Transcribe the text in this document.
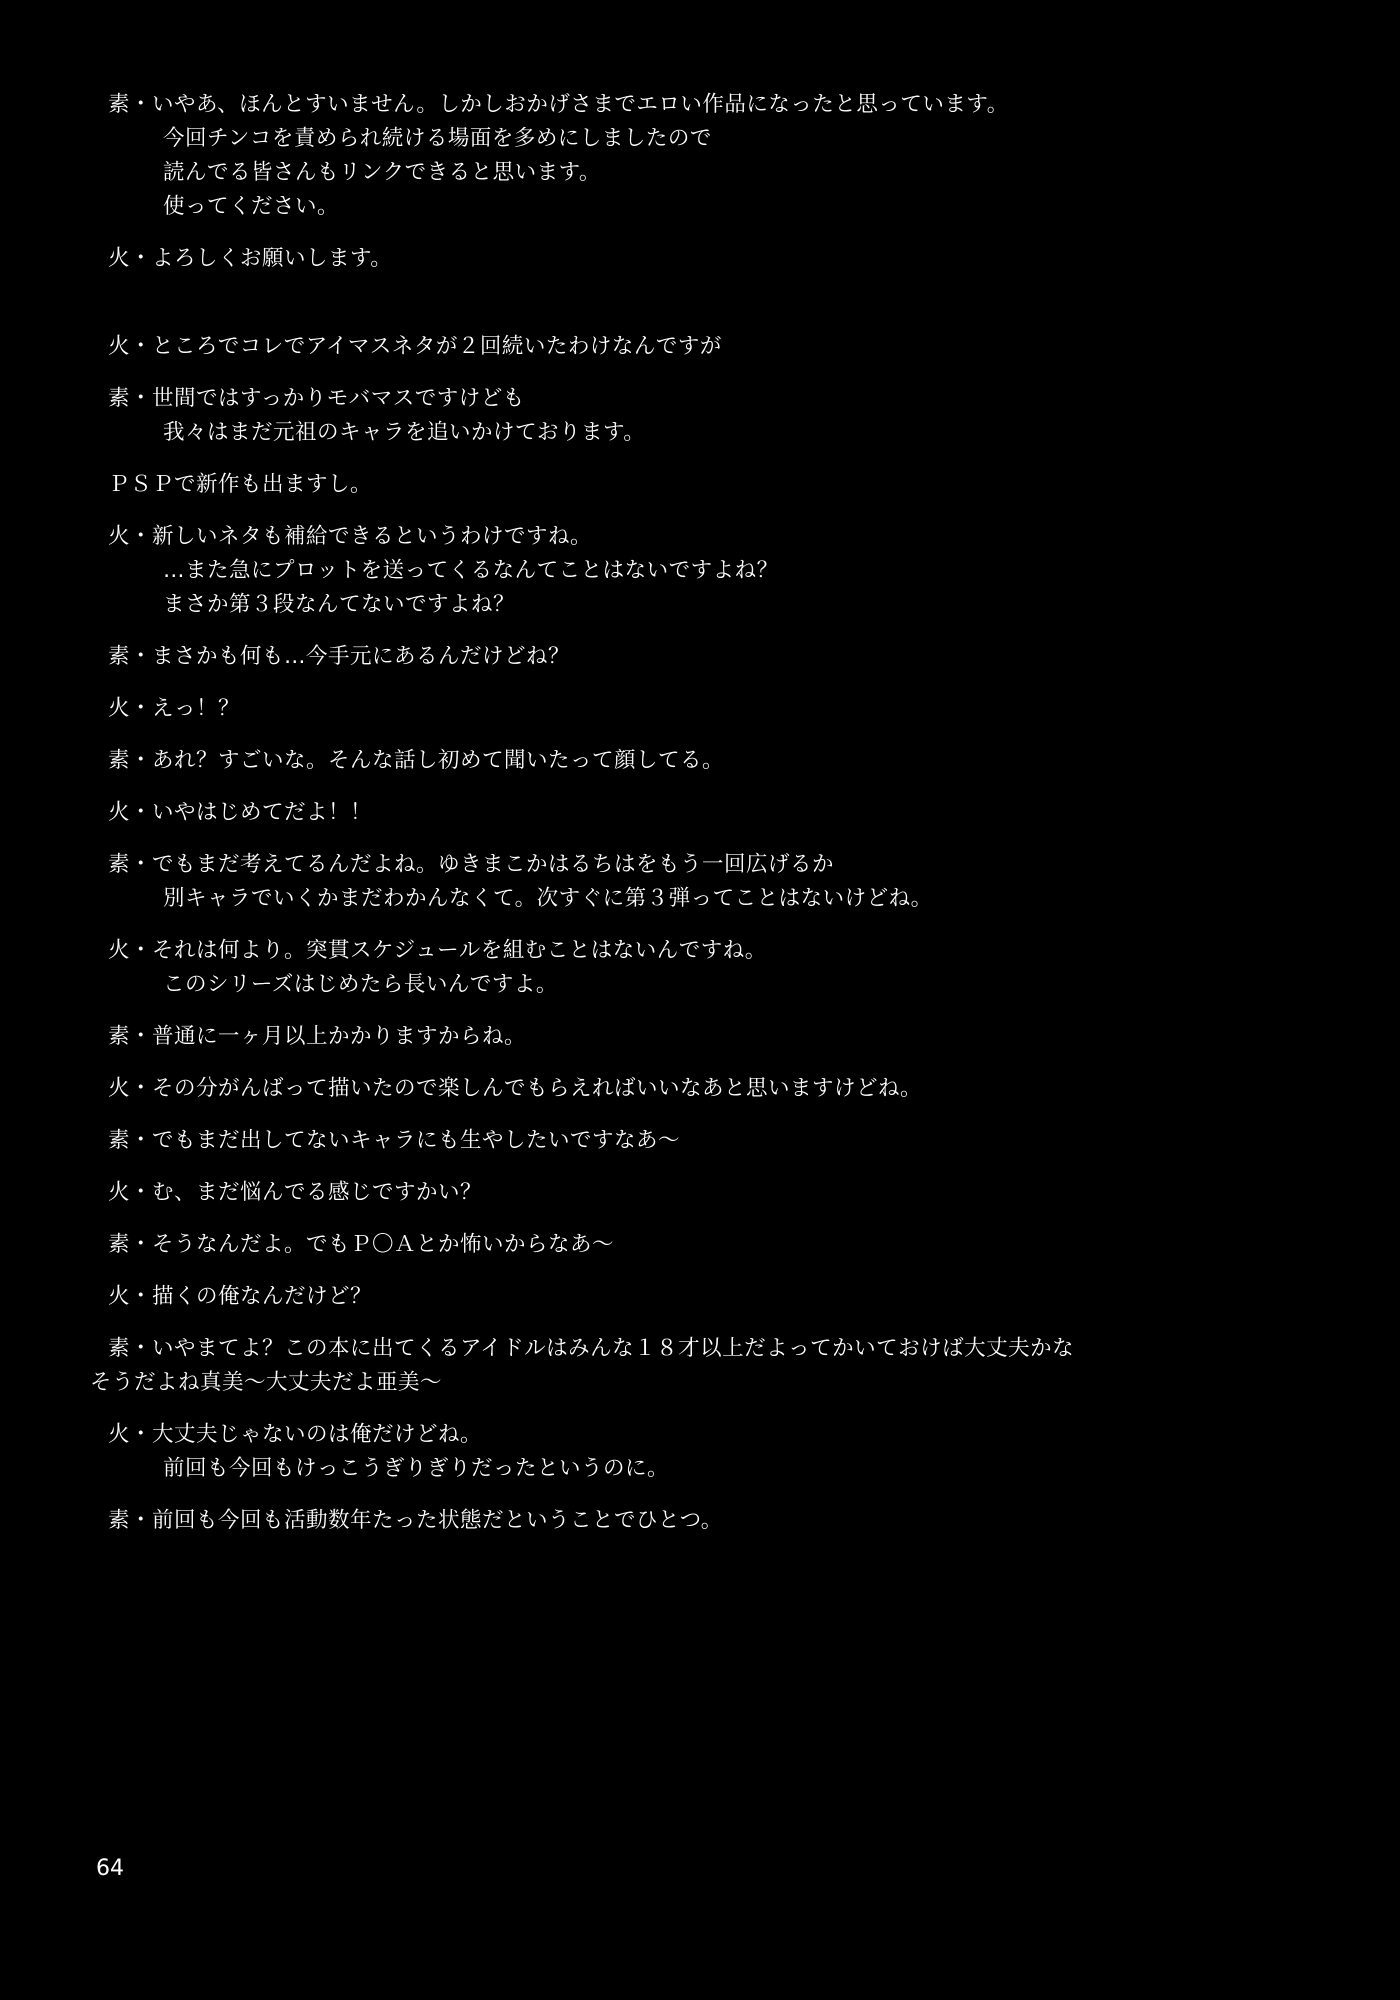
素・いやあ、ほんとすいません。しかしおかげさまでエロい作品になったと思っています。
今回チンコを責められ続ける場面を多めにしましたので
読んでる皆さんもリンクできると思います。
使ってください。
火・よろしくお願いします。
火・ところでコレでアイマスネタが２回続いたわけなんですが
素・世間ではすっかりモバマスですけども
我々はまだ元祖のキャラを追いかけております。
ＰＳＰで新作も出ますし。
火・新しいネタも補給できるというわけですね。
…また急にプロットを送ってくるなんてことはないですよね？
まさか第３段なんてないですよね？
素・まさかも何も…今手元にあるんだけどね？
火・えっ！？
素・あれ？すごいな。そんな話し初めて聞いたって顔してる。
火・いやはじめてだよ！！
素・でもまだ考えてるんだよね。ゆきまこかはるちはをもう一回広げるか
別キャラでいくかまだわかんなくて。次すぐに第３弾ってことはないけどね。
火・それは何より。突貫スケジュールを組むことはないんですね。
このシリーズはじめたら長いんですよ。
素・普通に一ヶ月以上かかりますからね。
火・その分がんばって描いたので楽しんでもらえればいいなあと思いますけどね。
素・でもまだ出してないキャラにも生やしたいですなあ〜
火・む、まだ悩んでる感じですかい？
素・そうなんだよ。でもＰ〇Ａとか怖いからなあ〜
火・描くの俺なんだけど？
素・いやまてよ？この本に出てくるアイドルはみんな１８才以上だよってかいておけば大丈夫かな
そうだよね真美〜大丈夫だよ亜美〜
火・大丈夫じゃないのは俺だけどね。
前回も今回もけっこうぎりぎりだったというのに。
素・前回も今回も活動数年たった状態だということでひとつ。
64
